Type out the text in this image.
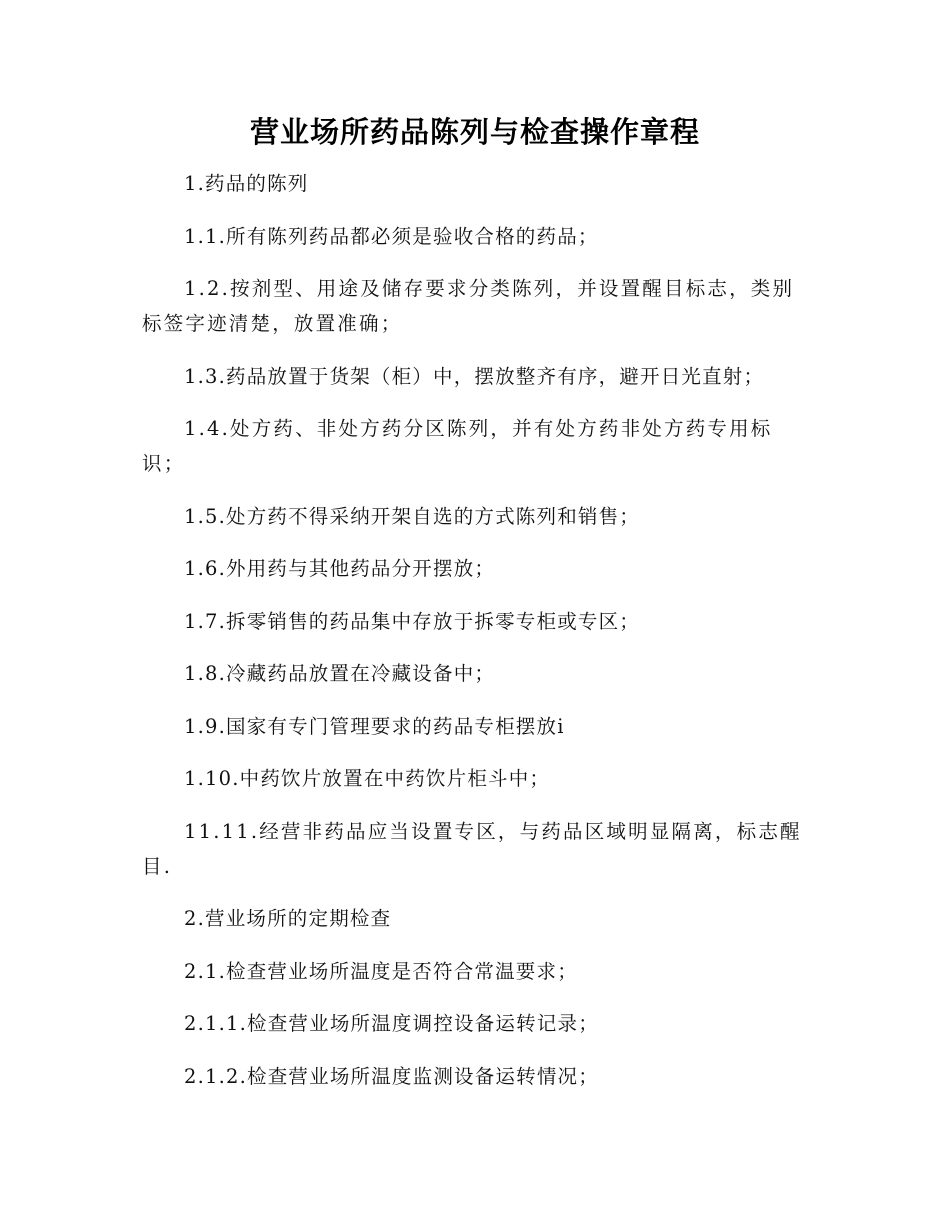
营业场所药品陈列与检查操作章程

1.药品的陈列

1.1.所有陈列药品都必须是验收合格的药品；

1.2.按剂型、用途及储存要求分类陈列，并设置醒目标志，类别标签字迹清楚，放置准确；

1.3.药品放置于货架（柜）中，摆放整齐有序，避开日光直射；

1.4.处方药、非处方药分区陈列，并有处方药非处方药专用标识；

1.5.处方药不得采纳开架自选的方式陈列和销售；

1.6.外用药与其他药品分开摆放；

1.7.拆零销售的药品集中存放于拆零专柜或专区；

1.8.冷藏药品放置在冷藏设备中；

1.9.国家有专门管理要求的药品专柜摆放i

1.10.中药饮片放置在中药饮片柜斗中；

11.11.经营非药品应当设置专区，与药品区域明显隔离，标志醒目.

2.营业场所的定期检查

2.1.检查营业场所温度是否符合常温要求；

2.1.1.检查营业场所温度调控设备运转记录；

2.1.2.检查营业场所温度监测设备运转情况；
